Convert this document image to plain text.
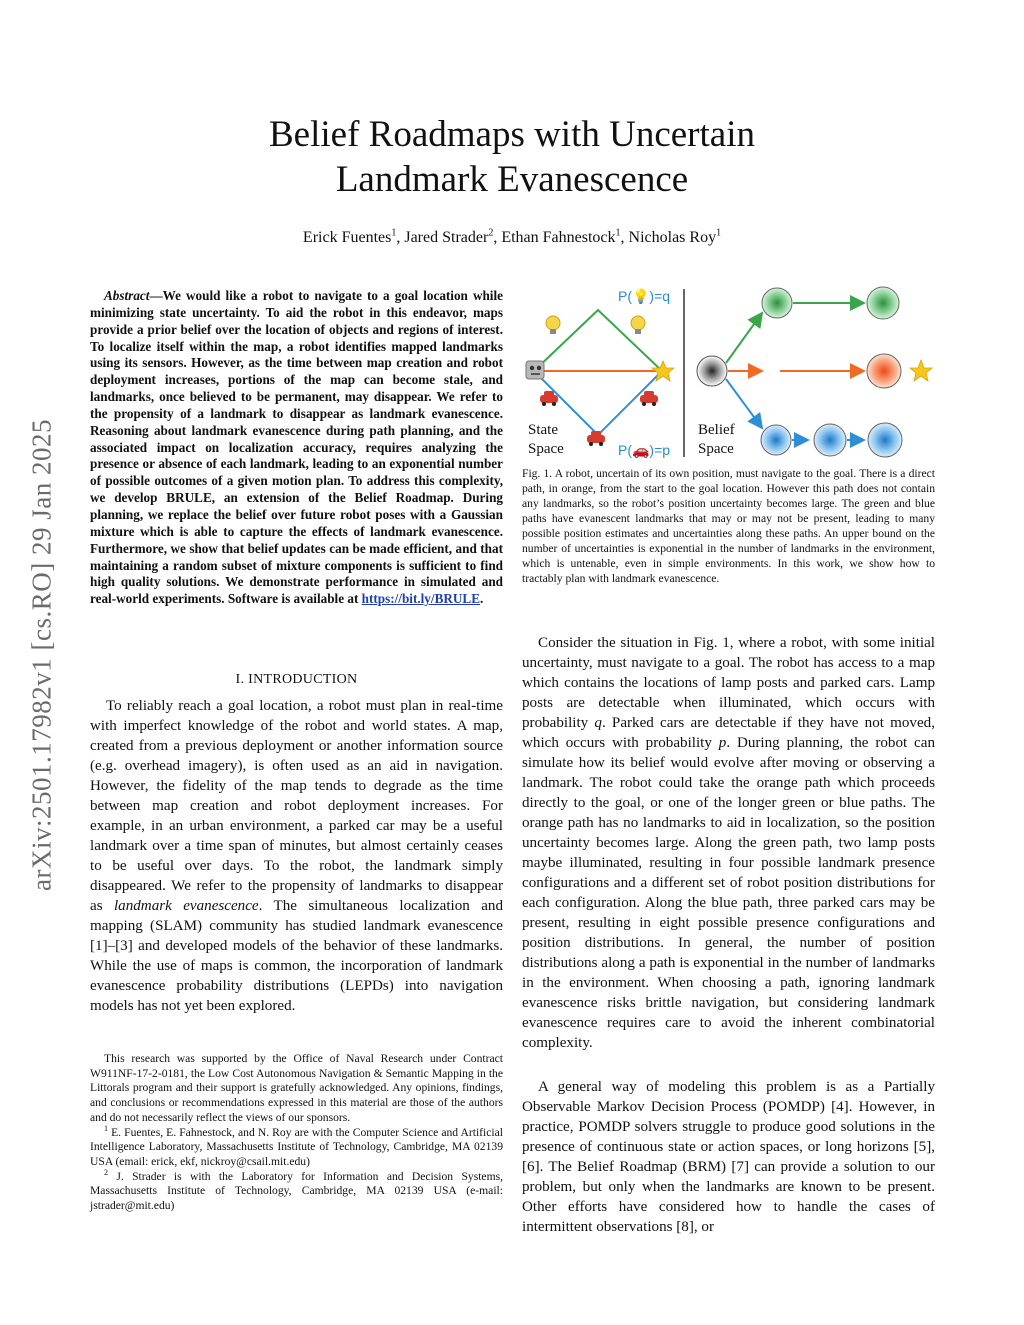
arXiv:2501.17982v1 [cs.RO] 29 Jan 2025
Belief Roadmaps with Uncertain
Landmark Evanescence
Erick Fuentes$^1$, Jared Strader$^2$, Ethan Fahnestock$^1$, Nicholas Roy$^1$

Abstract—We would like a robot to navigate to a goal location while minimizing state uncertainty. To aid the robot in this endeavor, maps provide a prior belief over the location of objects and regions of interest. To localize itself within the map, a robot identifies mapped landmarks using its sensors. However, as the time between map creation and robot deployment increases, portions of the map can become stale, and landmarks, once believed to be permanent, may disappear. We refer to the propensity of a landmark to disappear as landmark evanescence. Reasoning about landmark evanescence during path planning, and the associated impact on localization accuracy, requires analyzing the presence or absence of each landmark, leading to an exponential number of possible outcomes of a given motion plan. To address this complexity, we develop BRULE, an extension of the Belief Roadmap. During planning, we replace the belief over future robot poses with a Gaussian mixture which is able to capture the effects of landmark evanescence. Furthermore, we show that belief updates can be made efficient, and that maintaining a random subset of mixture components is sufficient to find high quality solutions. We demonstrate performance in simulated and real-world experiments. Software is available at https://bit.ly/BRULE.

I. INTRODUCTION

To reliably reach a goal location, a robot must plan in real-time with imperfect knowledge of the robot and world states. A map, created from a previous deployment or another information source (e.g. overhead imagery), is often used as an aid in navigation. However, the fidelity of the map tends to degrade as the time between map creation and robot deployment increases. For example, in an urban environment, a parked car may be a useful landmark over a time span of minutes, but almost certainly ceases to be useful over days. To the robot, the landmark simply disappeared. We refer to the propensity of landmarks to disappear as landmark evanescence. The simultaneous localization and mapping (SLAM) community has studied landmark evanescence [1]–[3] and developed models of the behavior of these landmarks. While the use of maps is common, the incorporation of landmark evanescence probability distributions (LEPDs) into navigation models has not yet been explored.

This research was supported by the Office of Naval Research under Contract W911NF-17-2-0181, the Low Cost Autonomous Navigation & Semantic Mapping in the Littorals program and their support is gratefully acknowledged. Any opinions, findings, and conclusions or recommendations expressed in this material are those of the authors and do not necessarily reflect the views of our sponsors.

$^1$ E. Fuentes, E. Fahnestock, and N. Roy are with the Computer Science and Artificial Intelligence Laboratory, Massachusetts Institute of Technology, Cambridge, MA 02139 USA (email: erick, ekf, nickroy@csail.mit.edu)

$^2$ J. Strader is with the Laboratory for Information and Decision Systems, Massachusetts Institute of Technology, Cambridge, MA 02139 USA (e-mail: jstrader@mit.edu)

P(💡)=q
P(🚗)=p
State
Space
Belief
Space
Fig. 1. A robot, uncertain of its own position, must navigate to the goal. There is a direct path, in orange, from the start to the goal location. However this path does not contain any landmarks, so the robot’s position uncertainty becomes large. The green and blue paths have evanescent landmarks that may or may not be present, leading to many possible position estimates and uncertainties along these paths. An upper bound on the number of uncertainties is exponential in the number of landmarks in the environment, which is untenable, even in simple environments. In this work, we show how to tractably plan with landmark evanescence.

Consider the situation in Fig. 1, where a robot, with some initial uncertainty, must navigate to a goal. The robot has access to a map which contains the locations of lamp posts and parked cars. Lamp posts are detectable when illuminated, which occurs with probability q. Parked cars are detectable if they have not moved, which occurs with probability p. During planning, the robot can simulate how its belief would evolve after moving or observing a landmark. The robot could take the orange path which proceeds directly to the goal, or one of the longer green or blue paths. The orange path has no landmarks to aid in localization, so the position uncertainty becomes large. Along the green path, two lamp posts maybe illuminated, resulting in four possible landmark presence configurations and a different set of robot position distributions for each configuration. Along the blue path, three parked cars may be present, resulting in eight possible presence configurations and position distributions. In general, the number of position distributions along a path is exponential in the number of landmarks in the environment. When choosing a path, ignoring landmark evanescence risks brittle navigation, but considering landmark evanescence requires care to avoid the inherent combinatorial complexity.

A general way of modeling this problem is as a Partially Observable Markov Decision Process (POMDP) [4]. However, in practice, POMDP solvers struggle to produce good solutions in the presence of continuous state or action spaces, or long horizons [5], [6]. The Belief Roadmap (BRM) [7] can provide a solution to our problem, but only when the landmarks are known to be present. Other efforts have considered how to handle the cases of intermittent observations [8], or
